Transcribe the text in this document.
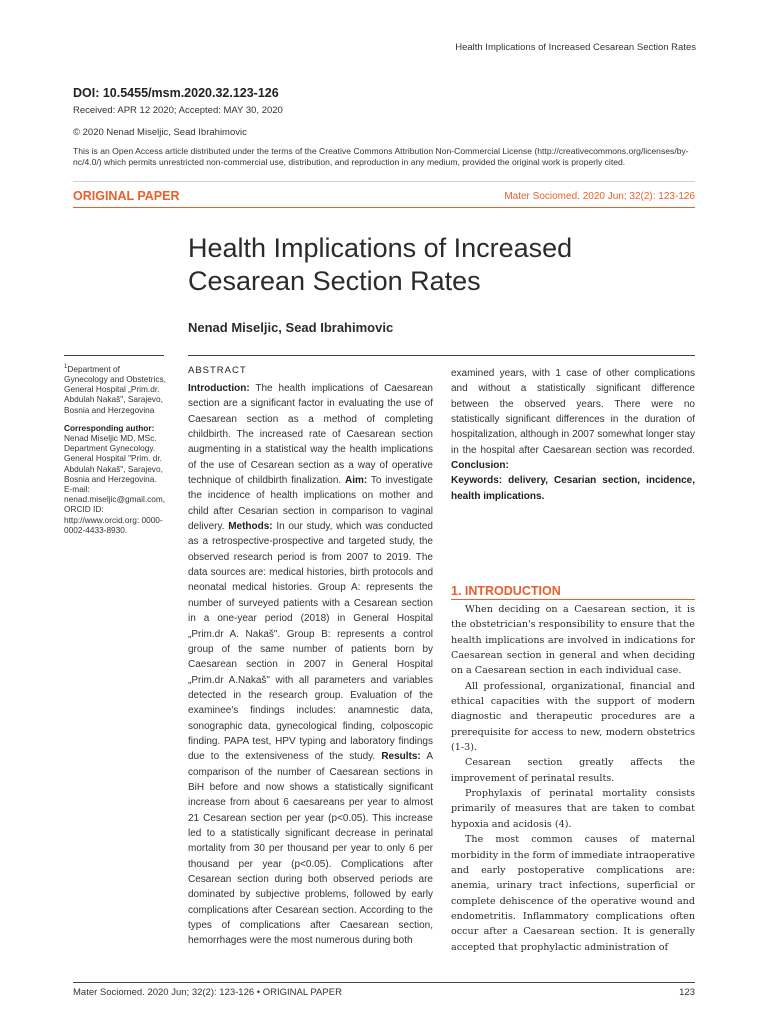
Health Implications of Increased Cesarean Section Rates
DOI: 10.5455/msm.2020.32.123-126
Received: APR 12 2020; Accepted: MAY 30, 2020
© 2020 Nenad Miseljic, Sead Ibrahimovic
This is an Open Access article distributed under the terms of the Creative Commons Attribution Non-Commercial License (http://creativecommons.org/licenses/by-nc/4.0/) which permits unrestricted non-commercial use, distribution, and reproduction in any medium, provided the original work is properly cited.
ORIGINAL PAPER	Mater Sociomed. 2020 Jun; 32(2): 123-126
Health Implications of Increased Cesarean Section Rates
Nenad Miseljic, Sead Ibrahimovic

$^1$Department of Gynecology and Obstetrics, General Hospital „Prim.dr. Abdulah Nakaš", Sarajevo, Bosnia and Herzegovina

Corresponding author:
Nenad Miseljic MD, MSc. Department Gynecology. General Hospital "Prim. dr. Abdulah Nakaš", Sarajevo, Bosnia and Herzegovina. E-mail: nenad.miseljic@gmail.com, ORCID ID: http://www.orcid.org: 0000-0002-4433-8930.

ABSTRACT

Introduction: The health implications of Caesarean section are a significant factor in evaluating the use of Caesarean section as a method of completing childbirth. The increased rate of Caesarean section augmenting in a statistical way the health implications of the use of Cesarean section as a way of operative technique of childbirth finalization. Aim: To investigate the incidence of health implications on mother and child after Cesarian section in comparison to vaginal delivery. Methods: In our study, which was conducted as a retrospective-prospective and targeted study, the observed research period is from 2007 to 2019. The data sources are: medical histories, birth protocols and neonatal medical histories. Group A: represents the number of surveyed patients with a Cesarean section in a one-year period (2018) in General Hospital „Prim.dr A. Nakaš". Group B: represents a control group of the same number of patients born by Caesarean section in 2007 in General Hospital „Prim.dr A.Nakaš" with all parameters and variables detected in the research group. Evaluation of the examinee's findings includes: anamnestic data, sonographic data, gynecological finding, colposcopic finding. PAPA test, HPV typing and laboratory findings due to the extensiveness of the study. Results: A comparison of the number of Caesarean sections in BiH before and now shows a statistically significant increase from about 6 caesareans per year to almost 21 Cesarean section per year (p<0.05). This increase led to a statistically significant decrease in perinatal mortality from 30 per thousand per year to only 6 per thousand per year (p<0.05). Complications after Cesarean section during both observed periods are dominated by subjective problems, followed by early complications after Cesarean section. According to the types of complications after Caesarean section, hemorrhages were the most numerous during both

1. INTRODUCTION

When deciding on a Caesarean section, it is the obstetrician's responsibility to ensure that the health implications are involved in indications for Caesarean section in general and when deciding on a Caesarean section in each individual case.

All professional, organizational, financial and ethical capacities with the support of modern diagnostic and therapeutic procedures are a prerequisite for access to new, modern obstetrics (1-3).

Cesarean section greatly affects the improvement of perinatal results.

Prophylaxis of perinatal mortality consists primarily of measures that are taken to combat hypoxia and acidosis (4).

The most common causes of maternal morbidity in the form of immediate intraoperative and early postoperative complications are: anemia, urinary tract infections, superficial or complete dehiscence of the operative wound and endometritis. Inflammatory complications often occur after a Caesarean section. It is generally accepted that prophylactic administration of

Mater Sociomed. 2020 Jun; 32(2): 123-126 • ORIGINAL PAPER	123

examined years, with 1 case of other complications and without a statistically significant difference between the observed years. There were no statistically significant differences in the duration of hospitalization, although in 2007 somewhat longer stay in the hospital after Caesarean section was recorded. Conclusion:
Keywords: delivery, Cesarian section, incidence, health implications.
